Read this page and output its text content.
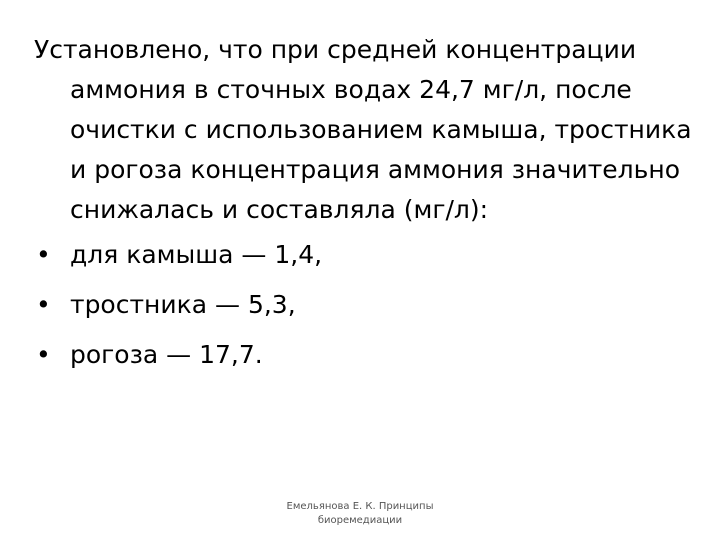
Установлено, что при средней концентрации аммония в сточных водах 24,7 мг/л, после очистки с использованием камыша, тростника и рогоза концентрация аммония значительно снижалась и составляла (мг/л):

• для камыша — 1,4,
• тростника — 5,3,
• рогоза — 17,7.
Емельянова Е. К. Принципы биоремедиации
